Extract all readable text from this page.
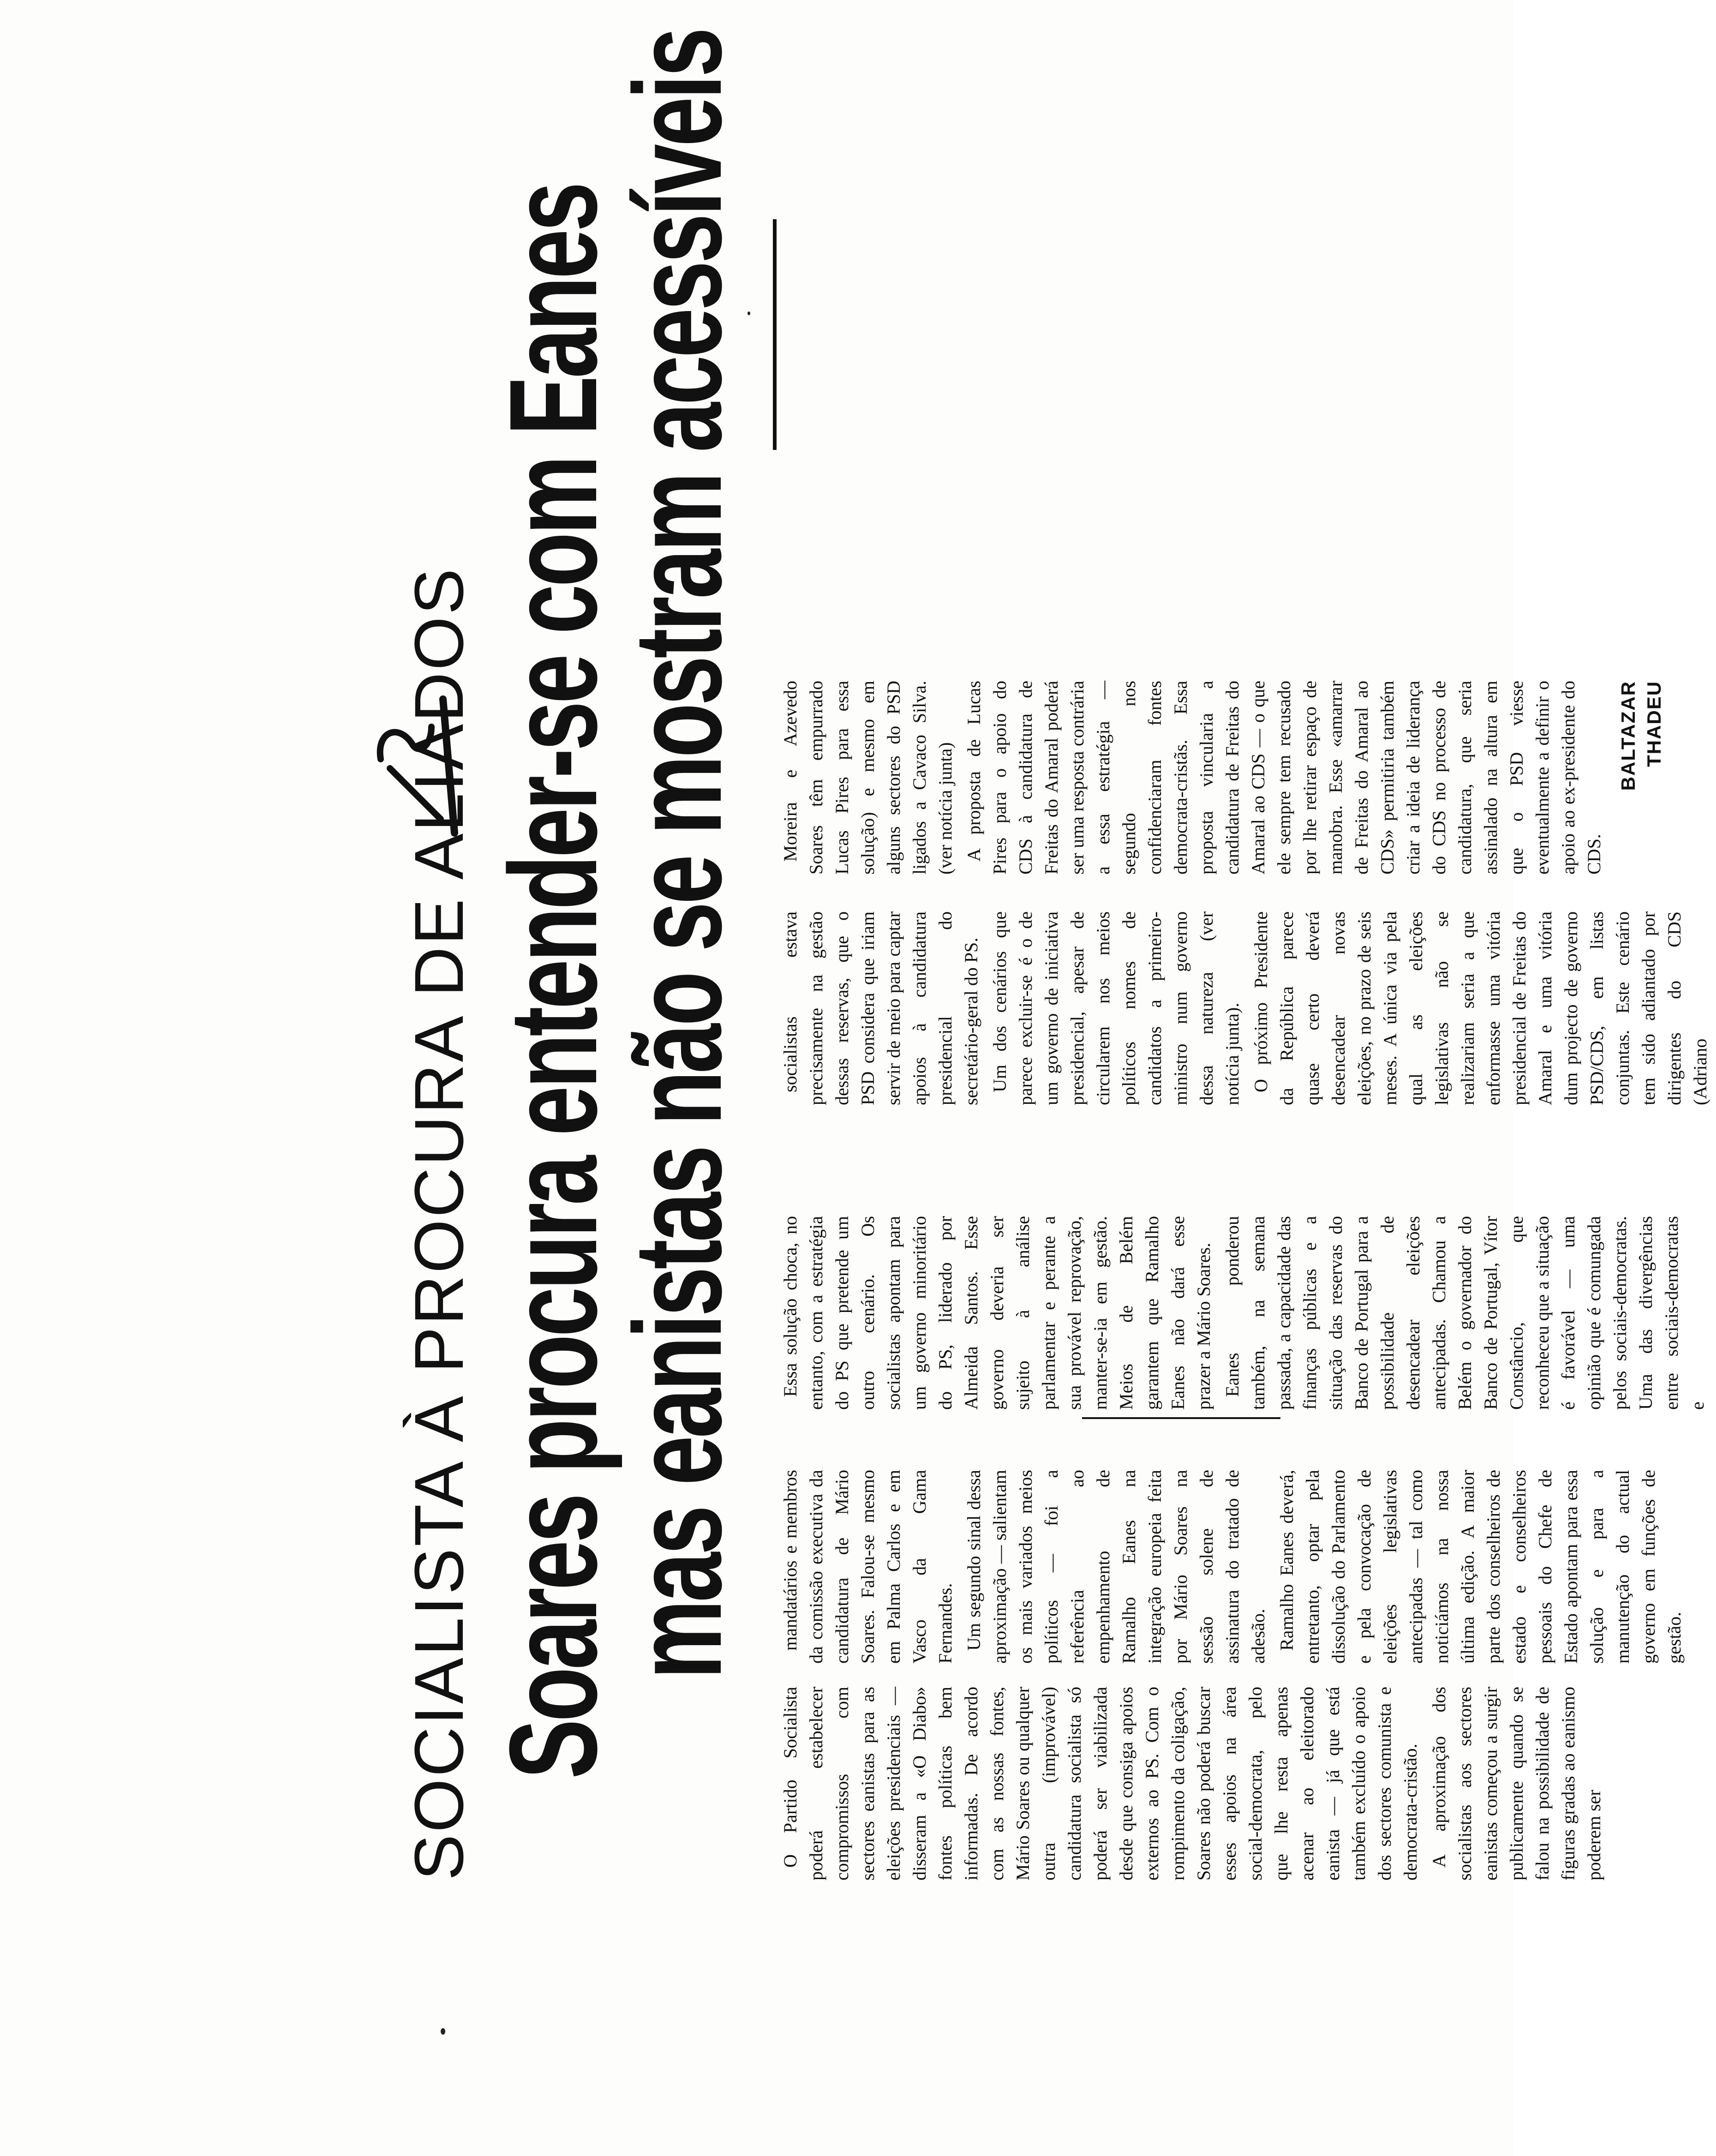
SOCIALISTA À PROCURA DE ALIADOS Soares procura entender-se com Eanes
mas eanistas não se mostram acessíveis

O Partido Socialista poderá estabelecer compromissos com sectores eanistas para as eleições presidenciais — disseram a «O Diabo» fontes políticas bem informadas. De acordo com as nossas fontes, Mário Soares ou qualquer outra (improvável) candidatura socialista só poderá ser viabilizada desde que consiga apoios externos ao PS. Com o rompimento da coligação, Soares não poderá buscar esses apoios na área social-democrata, pelo que lhe resta apenas acenar ao eleitorado eanista — já que está também excluído o apoio dos sectores comunista e democrata-cristão. A aproximação dos socialistas aos sectores eanistas começou a surgir publicamente quando se falou na possibilidade de figuras gradas ao eanismo poderem ser

mandatários e membros da comissão executiva da candidatura de Mário Soares. Falou-se mesmo em Palma Carlos e em Vasco da Gama Fernandes. Um segundo sinal dessa aproximação — salientam os mais variados meios políticos — foi a referência ao empenhamento de Ramalho Eanes na integração europeia feita por Mário Soares na sessão solene de assinatura do tratado de adesão. Ramalho Eanes deverá, entretanto, optar pela dissolução do Parlamento e pela convocação de eleições legislativas antecipadas — tal como noticiámos na nossa última edição. A maior parte dos conselheiros de estado e conselheiros pessoais do Chefe de Estado apontam para essa solução e para a manutenção do actual governo em funções de gestão.

Essa solução choca, no entanto, com a estratégia do PS que pretende um outro cenário. Os socialistas apontam para um governo minoritário do PS, liderado por Almeida Santos. Esse governo deveria ser sujeito à análise parlamentar e perante a sua provável reprovação, manter-se-ia em gestão. Meios de Belém garantem que Ramalho Eanes não dará esse prazer a Mário Soares. Eanes ponderou também, na semana passada, a capacidade das finanças públicas e a situação das reservas do Banco de Portugal para a possibilidade de desencadear eleições antecipadas. Chamou a Belém o governador do Banco de Portugal, Vítor Constâncio, que reconheceu que a situação é favorável — uma opinião que é comungada pelos sociais-democratas. Uma das divergências entre sociais-democratas e

socialistas estava precisamente na gestão dessas reservas, que o PSD considera que iriam servir de meio para captar apoios à candidatura presidencial do secretário-geral do PS. Um dos cenários que parece excluir-se é o de um governo de iniciativa presidencial, apesar de circularem nos meios políticos nomes de candidatos a primeiro-ministro num governo dessa natureza (ver notícia junta). O próximo Presidente da República parece quase certo deverá desencadear novas eleições, no prazo de seis meses. A única via pela qual as eleições legislativas não se realizariam seria a que enformasse uma vitória presidencial de Freitas do Amaral e uma vitória dum projecto de governo PSD/CDS, em listas conjuntas. Este cenário tem sido adiantado por dirigentes do CDS (Adriano

Moreira e Azevedo Soares têm empurrado Lucas Pires para essa solução) e mesmo em alguns sectores do PSD ligados a Cavaco Silva. (ver notícia junta) A proposta de Lucas Pires para o apoio do CDS à candidatura de Freitas do Amaral poderá ser uma resposta contrária a essa estratégia — segundo nos confidenciaram fontes democrata-cristãs. Essa proposta vincularia a candidatura de Freitas do Amaral ao CDS — o que ele sempre tem recusado por lhe retirar espaço de manobra. Esse «amarrar de Freitas do Amaral ao CDS» permitiria também criar a ideia de liderança do CDS no processo de candidatura, que seria assinalado na altura em que o PSD viesse eventualmente a definir o apoio ao ex-presidente do CDS.

BALTAZAR THADEU
